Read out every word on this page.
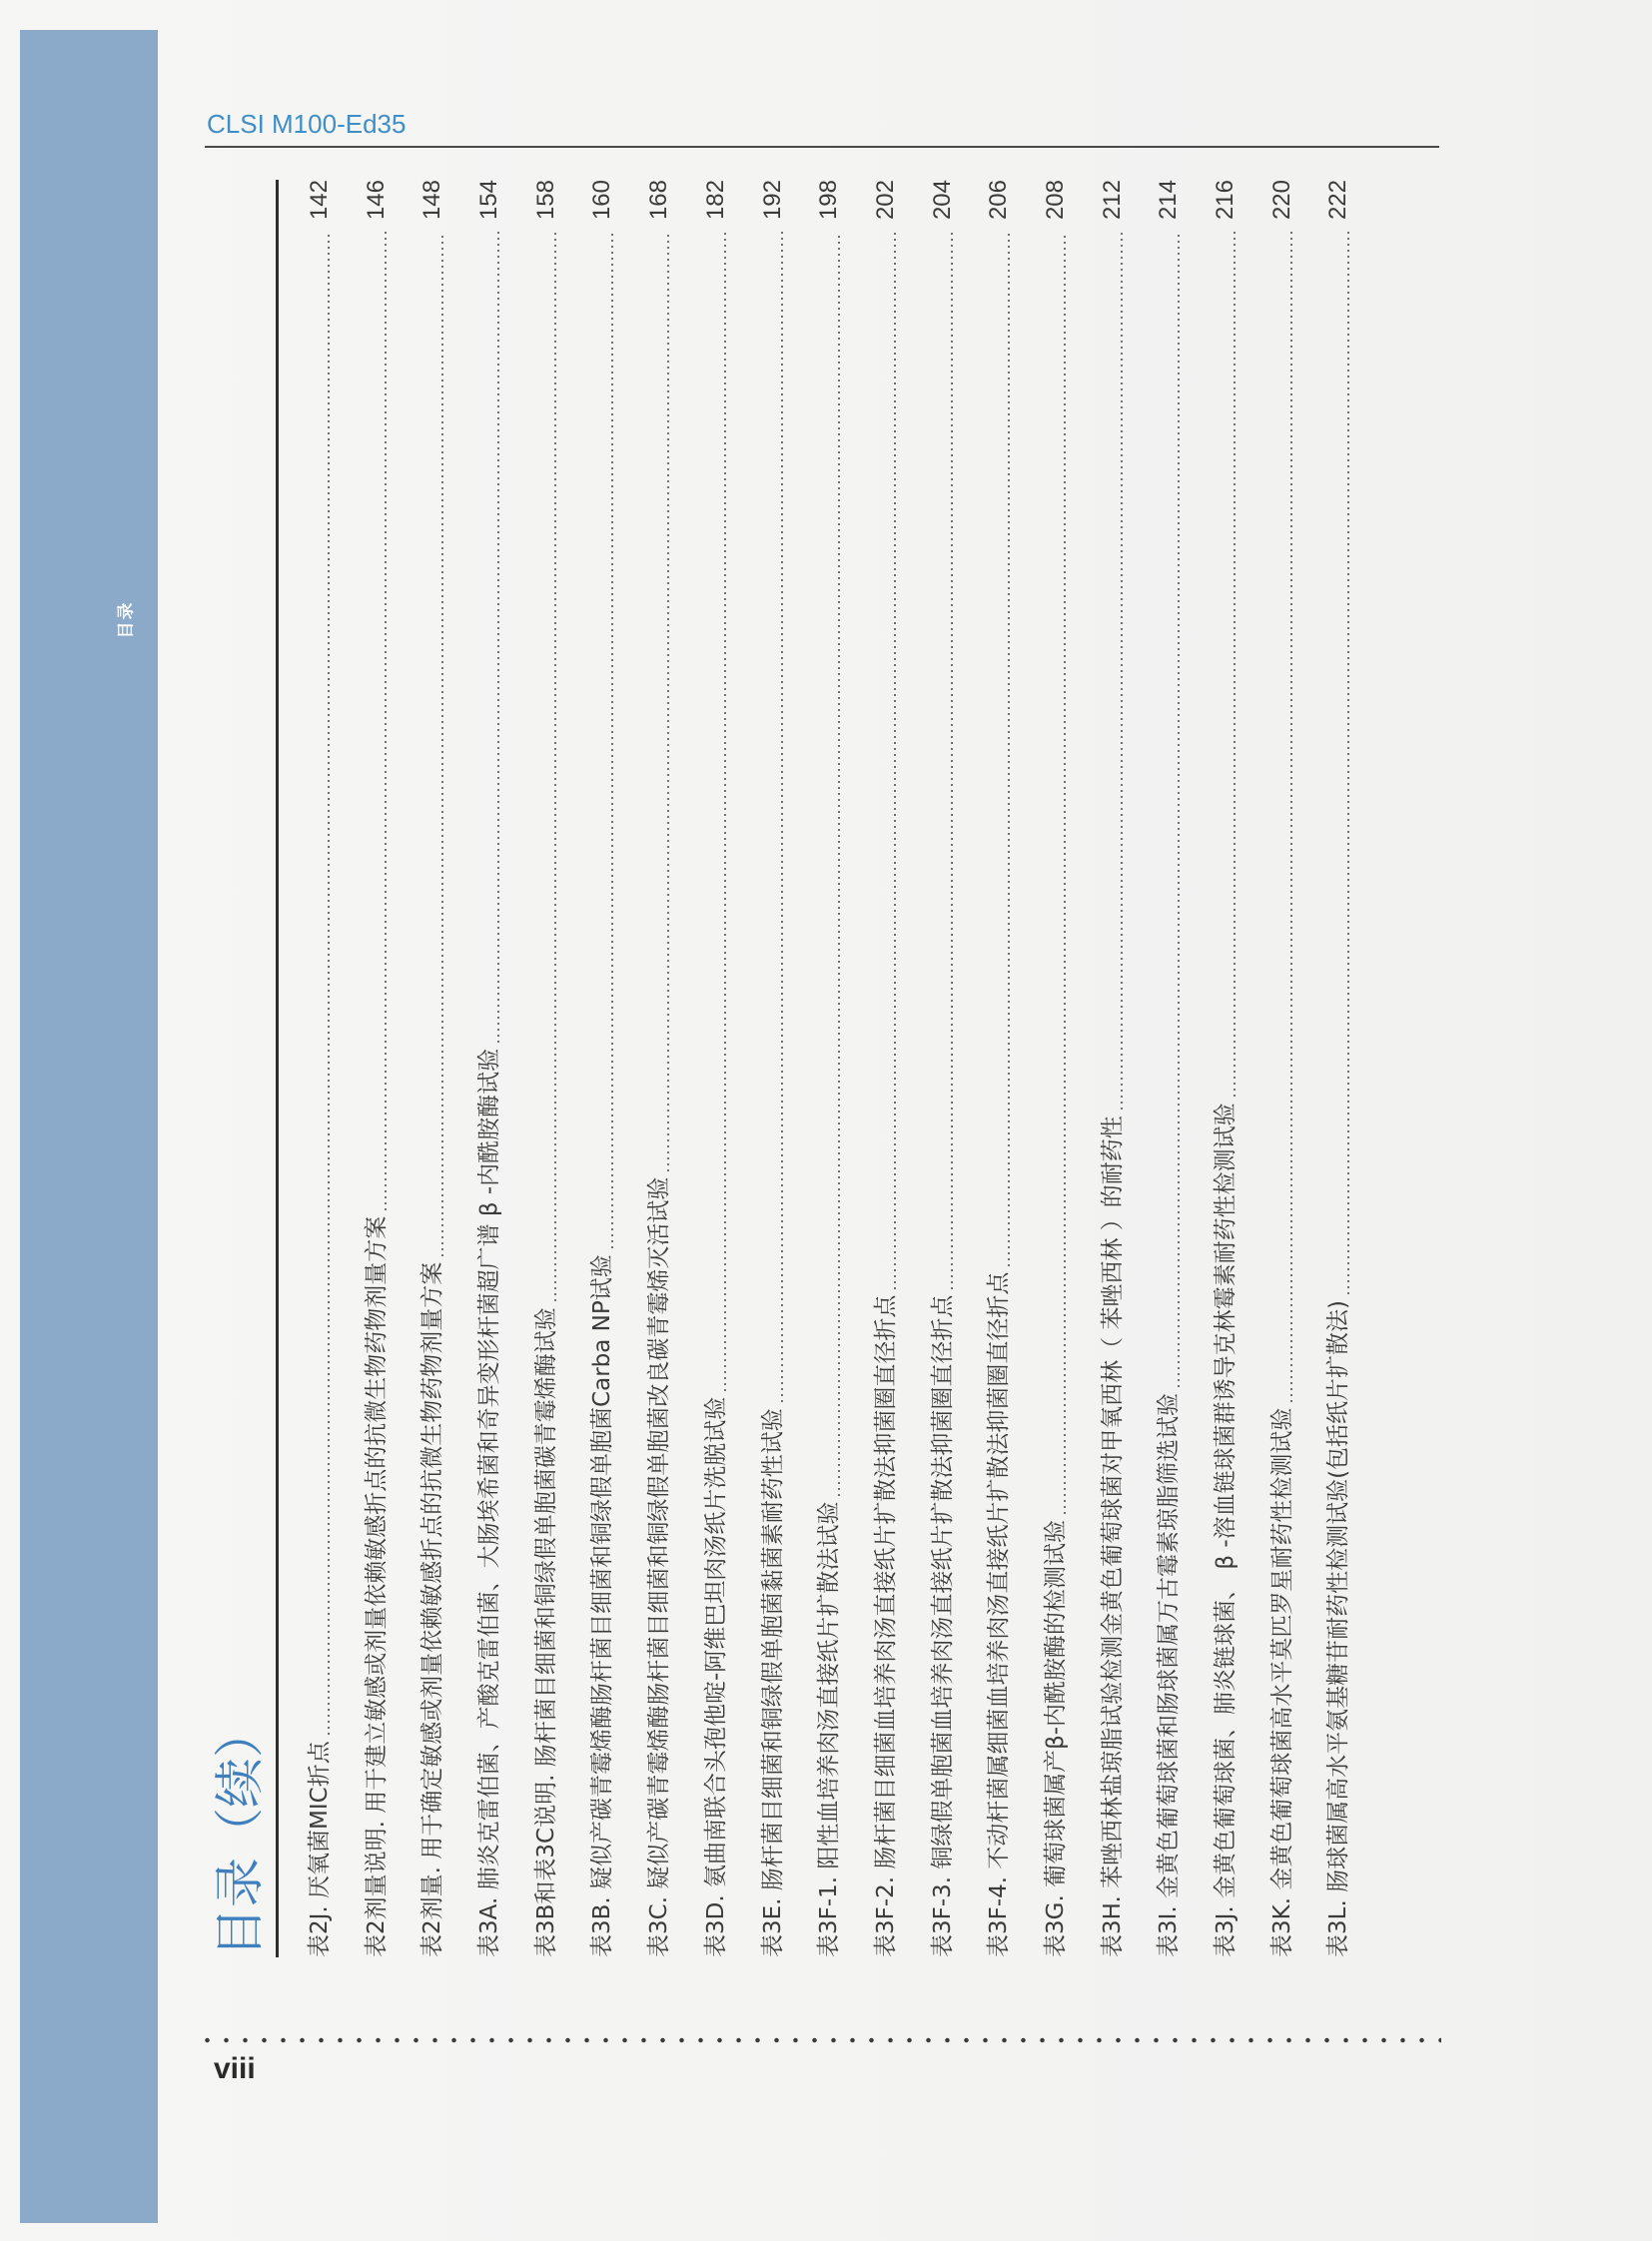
目录
CLSI M100-Ed35
目录（续）	表2J. 厌氧菌MIC折点
142
表2剂量说明. 用于建立敏感或剂量依赖敏感折点的抗微生物药物剂量方案
146
表2剂量. 用于确定敏感或剂量依赖敏感折点的抗微生物药物剂量方案
148
表3A. 肺炎克雷伯菌、产酸克雷伯菌、大肠埃希菌和奇异变形杆菌超广谱 β -内酰胺酶试验
154
表3B和表3C说明. 肠杆菌目细菌和铜绿假单胞菌碳青霉烯酶试验
158
表3B. 疑似产碳青霉烯酶肠杆菌目细菌和铜绿假单胞菌Carba NP试验
160
表3C. 疑似产碳青霉烯酶肠杆菌目细菌和铜绿假单胞菌改良碳青霉烯灭活试验
168
表3D. 氨曲南联合头孢他啶-阿维巴坦肉汤纸片洗脱试验
182
表3E. 肠杆菌目细菌和铜绿假单胞菌黏菌素耐药性试验
192
表3F-1. 阳性血培养肉汤直接纸片扩散法试验
198
表3F-2. 肠杆菌目细菌血培养肉汤直接纸片扩散法抑菌圈直径折点
202
表3F-3. 铜绿假单胞菌血培养肉汤直接纸片扩散法抑菌圈直径折点
204
表3F-4. 不动杆菌属细菌血培养肉汤直接纸片扩散法抑菌圈直径折点
206
表3G. 葡萄球菌属产β-内酰胺酶的检测试验
208
表3H. 苯唑西林盐琼脂试验检测金黄色葡萄球菌对甲氧西林（ 苯唑西林 ）的耐药性
212
表3I. 金黄色葡萄球菌和肠球菌属万古霉素琼脂筛选试验
214
表3J. 金黄色葡萄球菌、肺炎链球菌、 β -溶血链球菌群诱导克林霉素耐药性检测试验
216
表3K. 金黄色葡萄球菌高水平莫匹罗星耐药性检测试验
220
表3L. 肠球菌属高水平氨基糖苷耐药性检测试验(包括纸片扩散法)
222
viii
